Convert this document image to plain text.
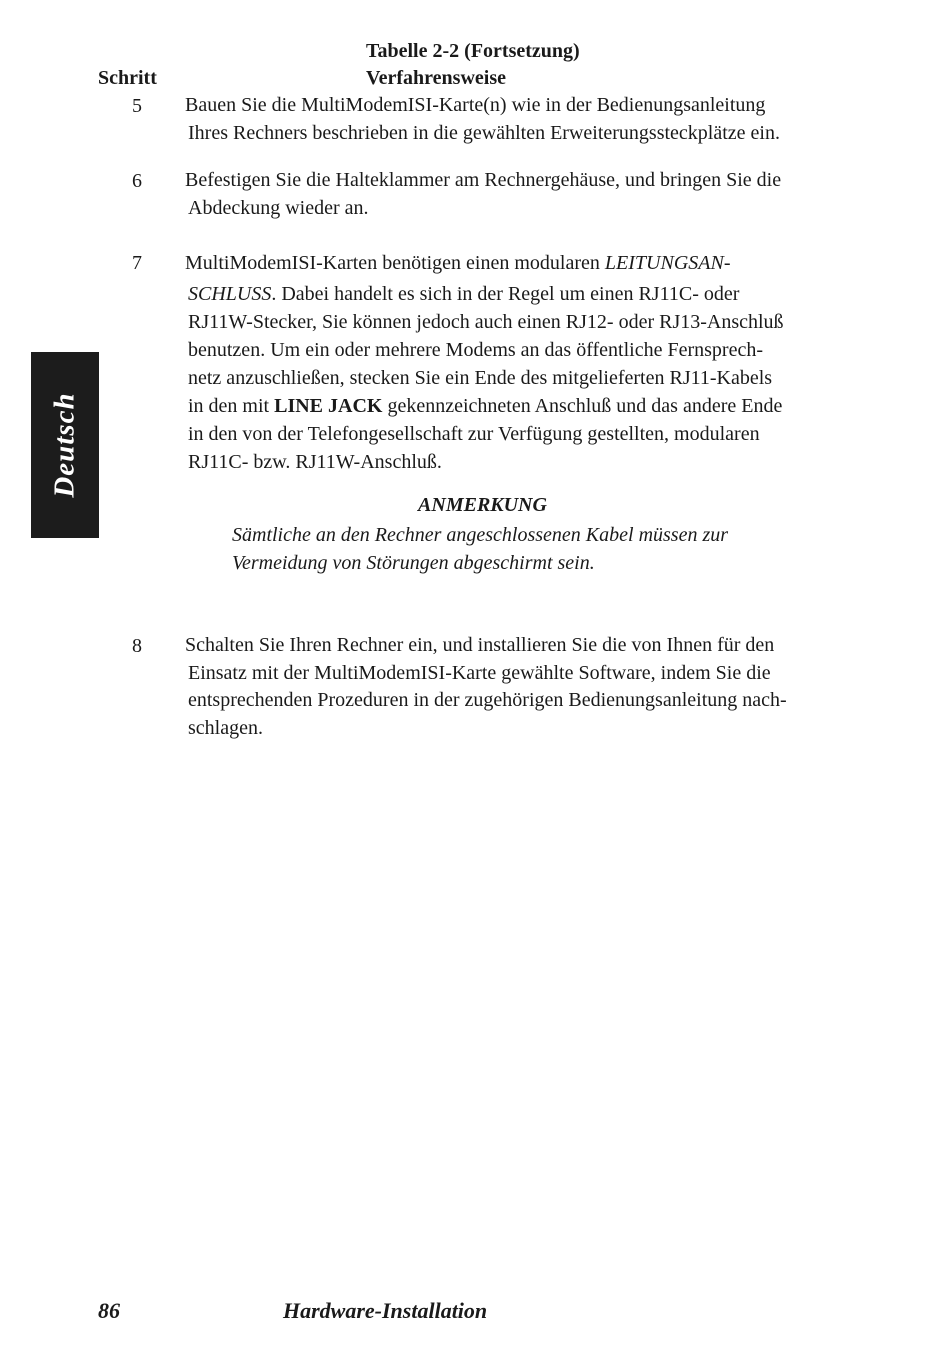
Deutsch
Tabelle 2-2 (Fortsetzung)
Schritt	Verfahrensweise
5 Bauen Sie die MultiModemISI-Karte(n) wie in der Bedienungsanleitung
Ihres Rechners beschrieben in die gewählten Erweiterungssteckplätze ein.
6 Befestigen Sie die Halteklammer am Rechnergehäuse, und bringen Sie die
Abdeckung wieder an.
7 MultiModemISI-Karten benötigen einen modularen LEITUNGSAN-
SCHLUSS. Dabei handelt es sich in der Regel um einen RJ11C- oder
RJ11W-Stecker, Sie können jedoch auch einen RJ12- oder RJ13-Anschluß
benutzen. Um ein oder mehrere Modems an das öffentliche Fernsprech-
netz anzuschließen, stecken Sie ein Ende des mitgelieferten RJ11-Kabels
in den mit LINE JACK gekennzeichneten Anschluß und das andere Ende
in den von der Telefongesellschaft zur Verfügung gestellten, modularen
RJ11C- bzw. RJ11W-Anschluß.
ANMERKUNG
Sämtliche an den Rechner angeschlossenen Kabel müssen zur
Vermeidung von Störungen abgeschirmt sein.
8 Schalten Sie Ihren Rechner ein, und installieren Sie die von Ihnen für den
Einsatz mit der MultiModemISI-Karte gewählte Software, indem Sie die
entsprechenden Prozeduren in der zugehörigen Bedienungsanleitung nach-
schlagen.
86	Hardware-Installation
